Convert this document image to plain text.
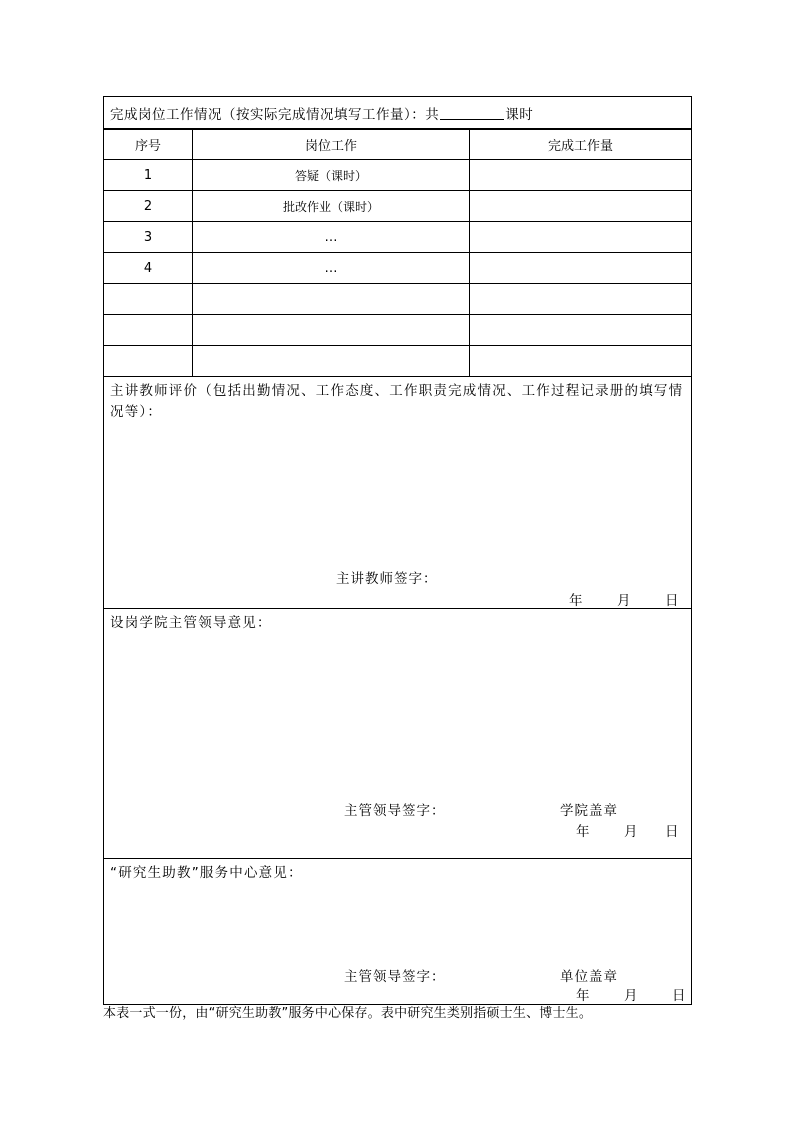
完成岗位工作情况（按实际完成情况填写工作量）：共	课时
序号	岗位工作	完成工作量
1	答疑（课时）	
2	批改作业（课时）	
3	…	
4	…	

主讲教师评价（包括出勤情况、工作态度、工作职责完成情况、工作过程记录册的填写情况等）：
主讲教师签字：
年 月 日
设岗学院主管领导意见：
主管领导签字：	学院盖章
年 月 日
“研究生助教”服务中心意见：
主管领导签字：	单位盖章
年 月 日
本表一式一份，由“研究生助教”服务中心保存。表中研究生类别指硕士生、博士生。
